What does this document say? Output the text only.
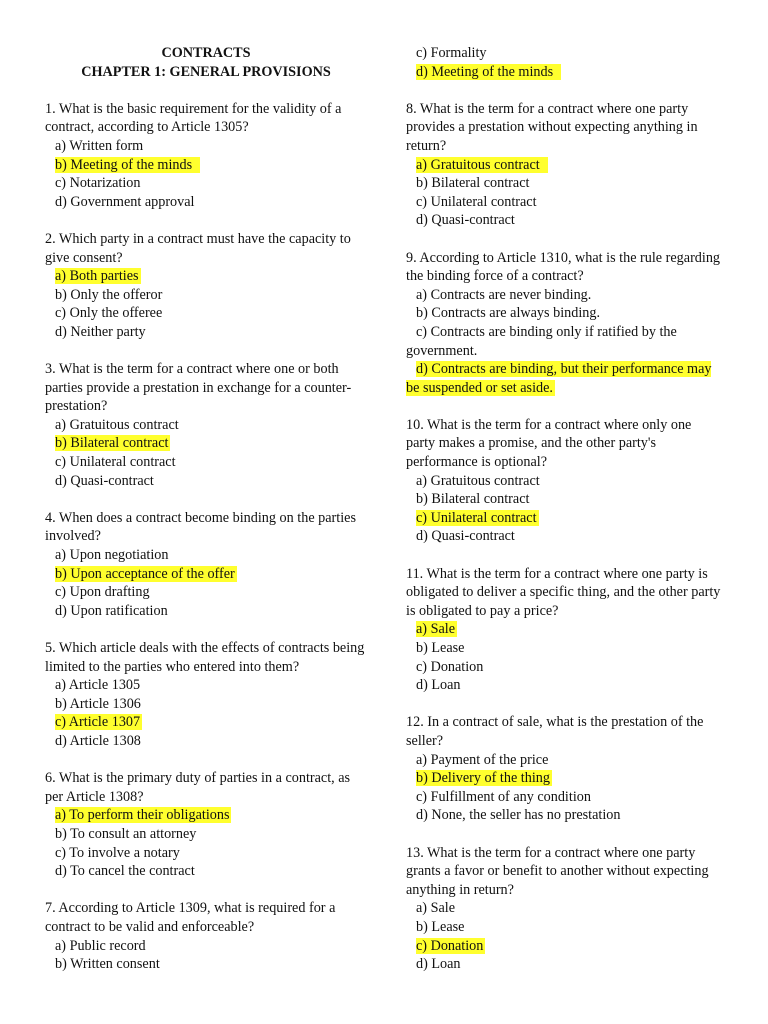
CONTRACTS
CHAPTER 1: GENERAL PROVISIONS

1. What is the basic requirement for the validity of a contract, according to Article 1305?

a) Written form

b) Meeting of the minds

c) Notarization

d) Government approval

2. Which party in a contract must have the capacity to give consent?

a) Both parties

b) Only the offeror

c) Only the offeree

d) Neither party

3. What is the term for a contract where one or both parties provide a prestation in exchange for a counter-prestation?

a) Gratuitous contract

b) Bilateral contract

c) Unilateral contract

d) Quasi-contract

4. When does a contract become binding on the parties involved?

a) Upon negotiation

b) Upon acceptance of the offer

c) Upon drafting

d) Upon ratification

5. Which article deals with the effects of contracts being limited to the parties who entered into them?

a) Article 1305

b) Article 1306

c) Article 1307

d) Article 1308

6. What is the primary duty of parties in a contract, as per Article 1308?

a) To perform their obligations

b) To consult an attorney

c) To involve a notary

d) To cancel the contract

7. According to Article 1309, what is required for a contract to be valid and enforceable?

a) Public record

b) Written consent

c) Formality

d) Meeting of the minds

8. What is the term for a contract where one party provides a prestation without expecting anything in return?

a) Gratuitous contract

b) Bilateral contract

c) Unilateral contract

d) Quasi-contract

9. According to Article 1310, what is the rule regarding the binding force of a contract?

a) Contracts are never binding.

b) Contracts are always binding.

c) Contracts are binding only if ratified by the government.

d) Contracts are binding, but their performance may be suspended or set aside.

10. What is the term for a contract where only one party makes a promise, and the other party's performance is optional?

a) Gratuitous contract

b) Bilateral contract

c) Unilateral contract

d) Quasi-contract

11. What is the term for a contract where one party is obligated to deliver a specific thing, and the other party is obligated to pay a price?

a) Sale

b) Lease

c) Donation

d) Loan

12. In a contract of sale, what is the prestation of the seller?

a) Payment of the price

b) Delivery of the thing

c) Fulfillment of any condition

d) None, the seller has no prestation

13. What is the term for a contract where one party grants a favor or benefit to another without expecting anything in return?

a) Sale

b) Lease

c) Donation

d) Loan
